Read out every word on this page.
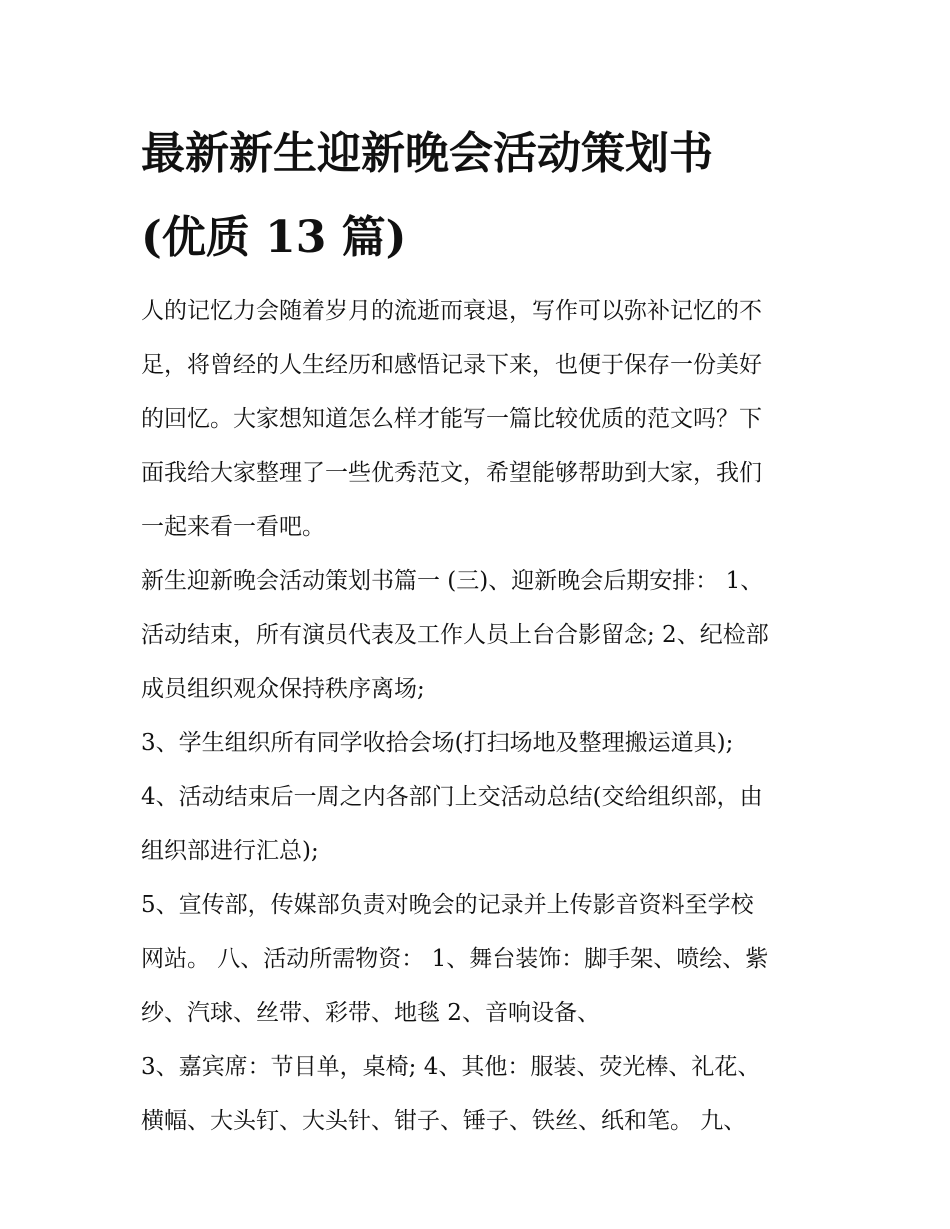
最新新生迎新晚会活动策划书
(优质 13 篇)

人的记忆力会随着岁月的流逝而衰退，写作可以弥补记忆的不
足，将曾经的人生经历和感悟记录下来，也便于保存一份美好
的回忆。大家想知道怎么样才能写一篇比较优质的范文吗？下
面我给大家整理了一些优秀范文，希望能够帮助到大家，我们
一起来看一看吧。

新生迎新晚会活动策划书篇一 (三)、迎新晚会后期安排： 1、
活动结束，所有演员代表及工作人员上台合影留念; 2、纪检部
成员组织观众保持秩序离场;

3、学生组织所有同学收拾会场(打扫场地及整理搬运道具);

4、活动结束后一周之内各部门上交活动总结(交给组织部，由
组织部进行汇总);

5、宣传部，传媒部负责对晚会的记录并上传影音资料至学校
网站。 八、活动所需物资： 1、舞台装饰：脚手架、喷绘、紫
纱、汽球、丝带、彩带、地毯 2、音响设备、

3、嘉宾席：节目单，桌椅; 4、其他：服装、荧光棒、礼花、
横幅、大头钉、大头针、钳子、锤子、铁丝、纸和笔。 九、
